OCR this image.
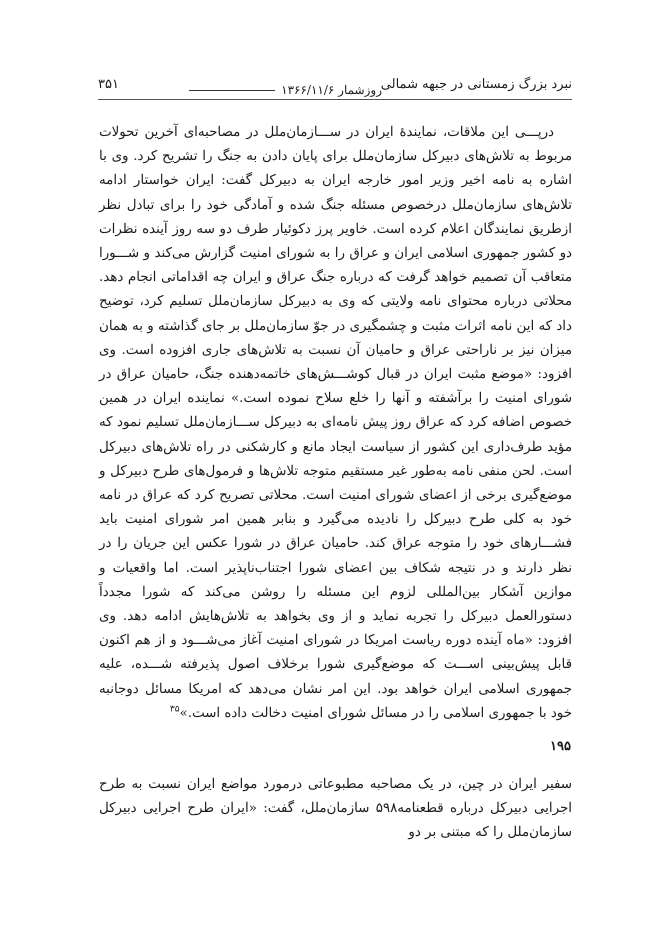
نبرد بزرگ زمستانی در جبهه شمالی
روزشمار ۱۳۶۶/۱۱/۶
۳۵۱

درپـــی این ملاقات، نمایندهٔ ایران در ســـازمان‌ملل در مصاحبه‌ای آخرین تحولات مربوط به تلاش‌های دبیرکل سازمان‌ملل برای پایان دادن به جنگ را تشریح کرد. وی با اشاره به نامه اخیر وزیر امور خارجه ایران به دبیرکل گفت: ایران خواستار ادامه تلاش‌های سازمان‌ملل درخصوص مسئله جنگ شده و آمادگی خود را برای تبادل نظر ازطریق نمایندگان اعلام کرده است. خاویر پرز دکوئیار طرف دو سه روز آینده نظرات دو کشور جمهوری اسلامی ایران و عراق را به شورای امنیت گزارش می‌کند و شـــورا متعاقب آن تصمیم خواهد گرفت که درباره جنگ عراق و ایران چه اقداماتی انجام دهد. محلاتی درباره محتوای نامه ولایتی که وی به دبیرکل سازمان‌ملل تسلیم کرد، توضیح داد که این نامه اثرات مثبت و چشمگیری در جوّ سازمان‌ملل بر جای گذاشته و به همان میزان نیز بر ناراحتی عراق و حامیان آن نسبت به تلاش‌های جاری افزوده است. وی افزود: «موضع مثبت ایران در قبال کوشـــش‌های خاتمه‌دهنده جنگ، حامیان عراق در شورای امنیت را برآشفته و آنها را خلع سلاح نموده است.» نماینده ایران در همین خصوص اضافه کرد که عراق روز پیش نامه‌ای به دبیرکل ســـازمان‌ملل تسلیم نمود که مؤید طرف‌داری این کشور از سیاست ایجاد مانع و کارشکنی در راه تلاش‌های دبیرکل است. لحن منفی نامه به‌طور غیر مستقیم متوجه تلاش‌ها و فرمول‌های طرح دبیرکل و موضع‌گیری برخی از اعضای شورای امنیت است. محلاتی تصریح کرد که عراق در نامه خود به کلی طرح دبیرکل را نادیده می‌گیرد و بنابر همین امر شورای امنیت باید فشـــارهای خود را متوجه عراق کند. حامیان عراق در شورا عکس این جریان را در نظر دارند و در نتیجه شکاف بین اعضای شورا اجتناب‌ناپذیر است. اما واقعیات و موازین آشکار بین‌المللی لزوم این مسئله را روشن می‌کند که شورا مجدداً دستورالعمل دبیرکل را تجربه نماید و از وی بخواهد به تلاش‌هایش ادامه دهد. وی افزود: «ماه آینده دوره ریاست امریکا در شورای امنیت آغاز می‌شـــود و از هم اکنون قابل پیش‌بینی اســـت که موضع‌گیری شورا برخلاف اصول پذیرفته شـــده، علیه جمهوری اسلامی ایران خواهد بود. این امر نشان می‌دهد که امریکا مسائل دوجانبه خود با جمهوری اسلامی را در مسائل شورای امنیت دخالت داده است.»$^{۳۵}$

۱۹۵

سفیر ایران در چین، در یک مصاحبه مطبوعاتی درمورد مواضع ایران نسبت به طرح اجرایی دبیرکل درباره قطعنامه۵۹۸ سازمان‌ملل، گفت: «ایران طرح اجرایی دبیرکل سازمان‌ملل را که مبتنی بر دو
